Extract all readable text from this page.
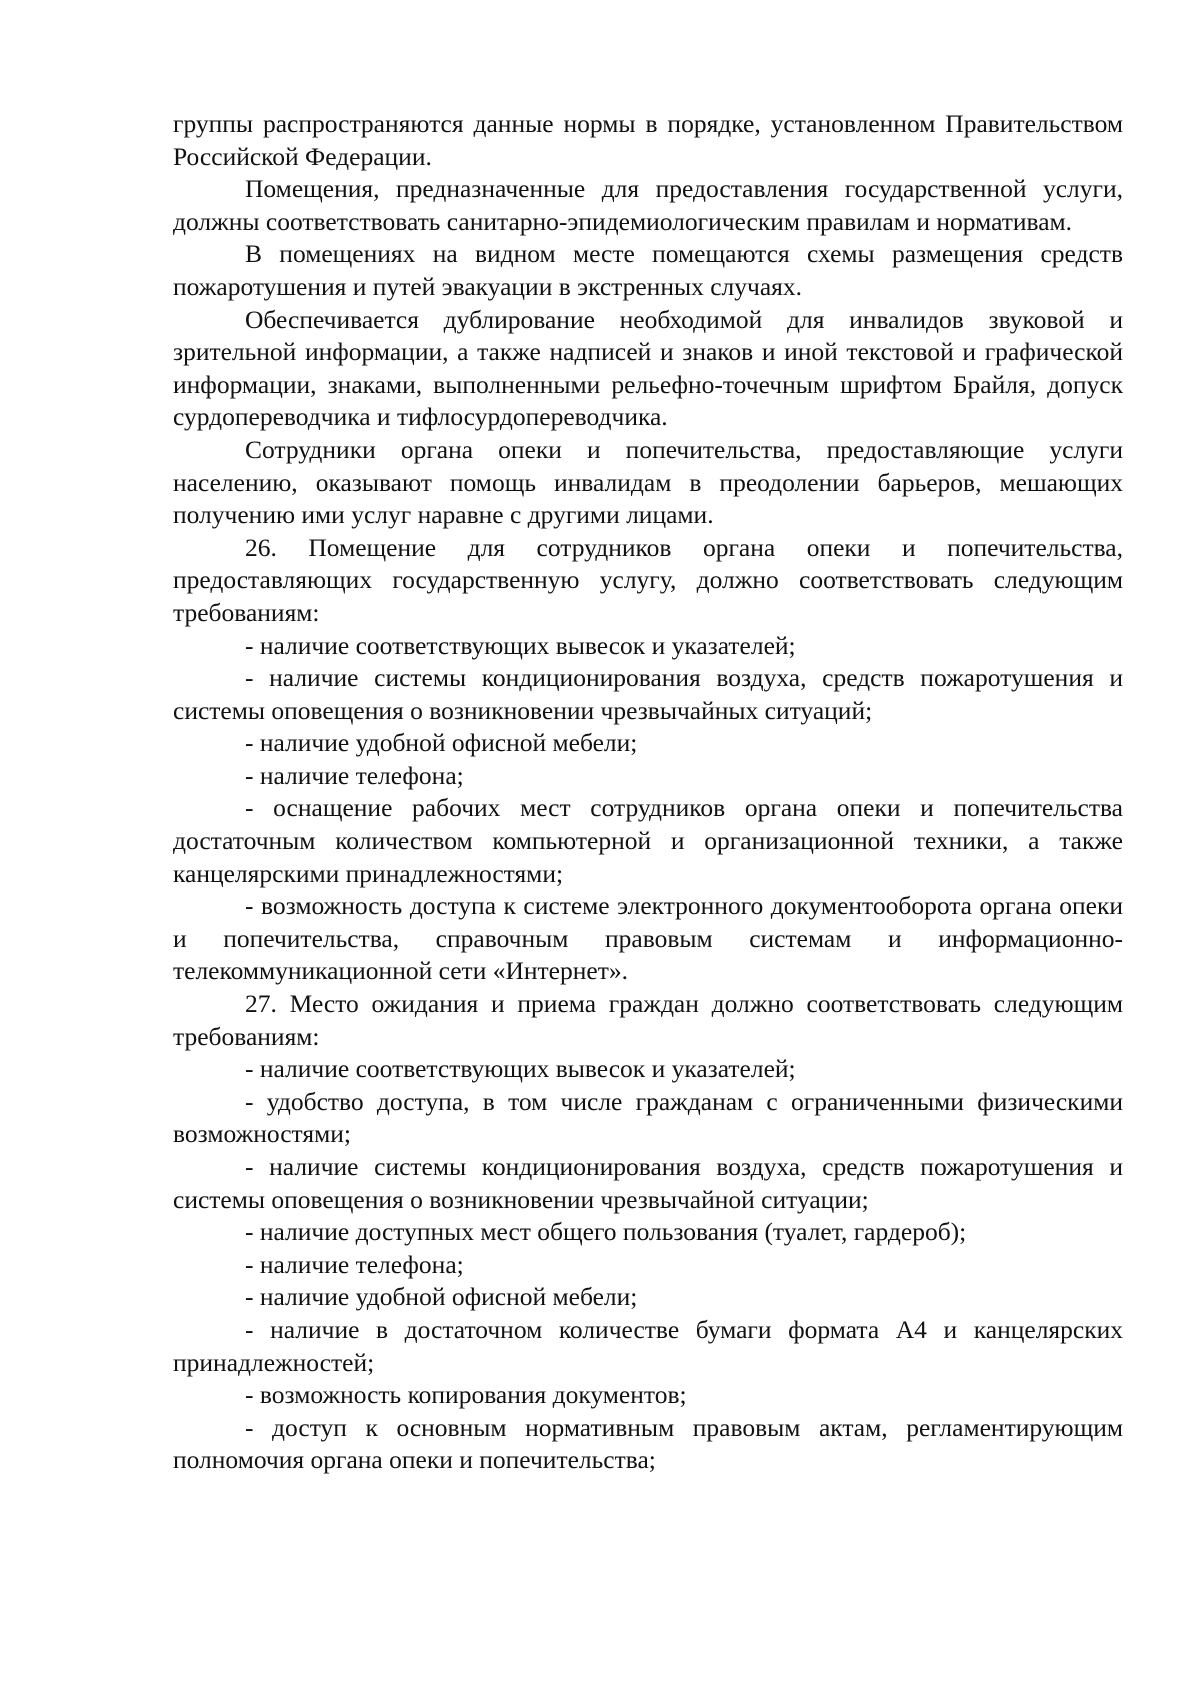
группы распространяются данные нормы в порядке, установленном Правительством Российской Федерации.

Помещения, предназначенные для предоставления государственной услуги, должны соответствовать санитарно-эпидемиологическим правилам и нормативам.

В помещениях на видном месте помещаются схемы размещения средств пожаротушения и путей эвакуации в экстренных случаях.

Обеспечивается дублирование необходимой для инвалидов звуковой и зрительной информации, а также надписей и знаков и иной текстовой и графической информации, знаками, выполненными рельефно-точечным шрифтом Брайля, допуск сурдопереводчика и тифлосурдопереводчика.

Сотрудники органа опеки и попечительства, предоставляющие услуги населению, оказывают помощь инвалидам в преодолении барьеров, мешающих получению ими услуг наравне с другими лицами.

26. Помещение для сотрудников органа опеки и попечительства, предоставляющих государственную услугу, должно соответствовать следующим требованиям:

- наличие соответствующих вывесок и указателей;

- наличие системы кондиционирования воздуха, средств пожаротушения и системы оповещения о возникновении чрезвычайных ситуаций;

- наличие удобной офисной мебели;

- наличие телефона;

- оснащение рабочих мест сотрудников органа опеки и попечительства достаточным количеством компьютерной и организационной техники, а также канцелярскими принадлежностями;

- возможность доступа к системе электронного документооборота органа опеки и попечительства, справочным правовым системам и информационно-телекоммуникационной сети «Интернет».

27. Место ожидания и приема граждан должно соответствовать следующим требованиям:

- наличие соответствующих вывесок и указателей;

- удобство доступа, в том числе гражданам с ограниченными физическими возможностями;

- наличие системы кондиционирования воздуха, средств пожаротушения и системы оповещения о возникновении чрезвычайной ситуации;

- наличие доступных мест общего пользования (туалет, гардероб);

- наличие телефона;

- наличие удобной офисной мебели;

- наличие в достаточном количестве бумаги формата А4 и канцелярских принадлежностей;

- возможность копирования документов;

- доступ к основным нормативным правовым актам, регламентирующим полномочия органа опеки и попечительства;
